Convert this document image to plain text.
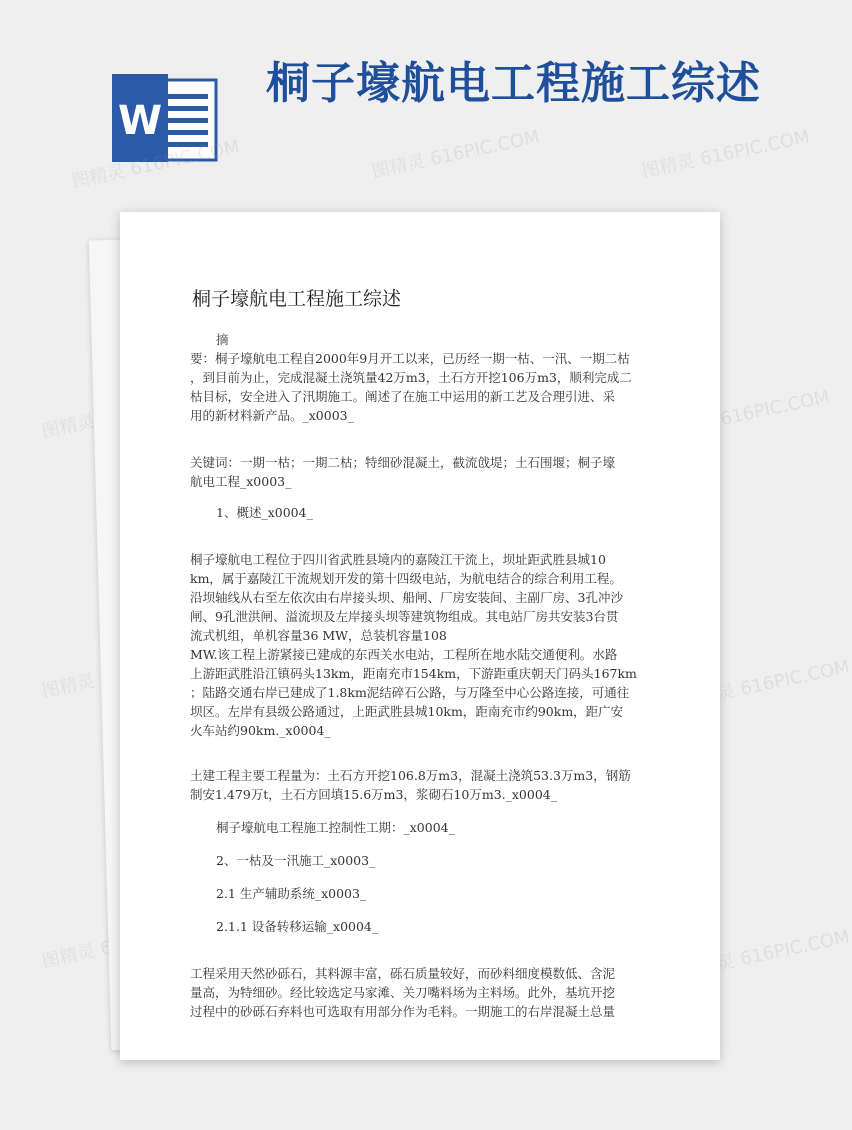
W
桐子壕航电工程施工综述
图精灵 616PIC.COM	图精灵 616PIC.COM	图精灵 616PIC.COM
图精灵	图精灵 616PIC.COM
图精灵	图精灵 616PIC.COM
图精灵	图精灵 616PIC.COM
桐子壕航电工程施工综述

摘

要：桐子壕航电工程自2000年9月开工以来，已历经一期一枯、一汛、一期二枯

，到目前为止，完成混凝土浇筑量42万m3，土石方开挖106万m3，顺利完成二

枯目标，安全进入了汛期施工。阐述了在施工中运用的新工艺及合理引进、采

用的新材料新产品。_x0003_

关键词：一期一枯；一期二枯；特细砂混凝土，截流戗堤；土石围堰；桐子壕

航电工程_x0003_

1、概述_x0004_

桐子壕航电工程位于四川省武胜县境内的嘉陵江干流上，坝址距武胜县城10

km，属于嘉陵江干流规划开发的第十四级电站，为航电结合的综合利用工程。

沿坝轴线从右至左依次由右岸接头坝、船闸、厂房安装间、主副厂房、3孔冲沙

闸、9孔泄洪闸、溢流坝及左岸接头坝等建筑物组成。其电站厂房共安装3台贯

流式机组，单机容量36 MW，总装机容量108

MW.该工程上游紧接已建成的东西关水电站，工程所在地水陆交通便利。水路

上游距武胜沿江镇码头13km，距南充市154km，下游距重庆朝天门码头167km

；陆路交通右岸已建成了1.8km泥结碎石公路，与万隆至中心公路连接，可通往

坝区。左岸有县级公路通过，上距武胜县城10km，距南充市约90km，距广安

火车站约90km._x0004_

土建工程主要工程量为：土石方开挖106.8万m3，混凝土浇筑53.3万m3，钢筋

制安1.479万t，土石方回填15.6万m3，浆砌石10万m3._x0004_

桐子壕航电工程施工控制性工期：_x0004_

2、一枯及一汛施工_x0003_

2.1 生产辅助系统_x0003_

2.1.1 设备转移运输_x0004_

工程采用天然砂砾石，其料源丰富，砾石质量较好，而砂料细度模数低、含泥

量高，为特细砂。经比较选定马家滩、关刀嘴料场为主料场。此外，基坑开挖

过程中的砂砾石弃料也可选取有用部分作为毛料。一期施工的右岸混凝土总量
